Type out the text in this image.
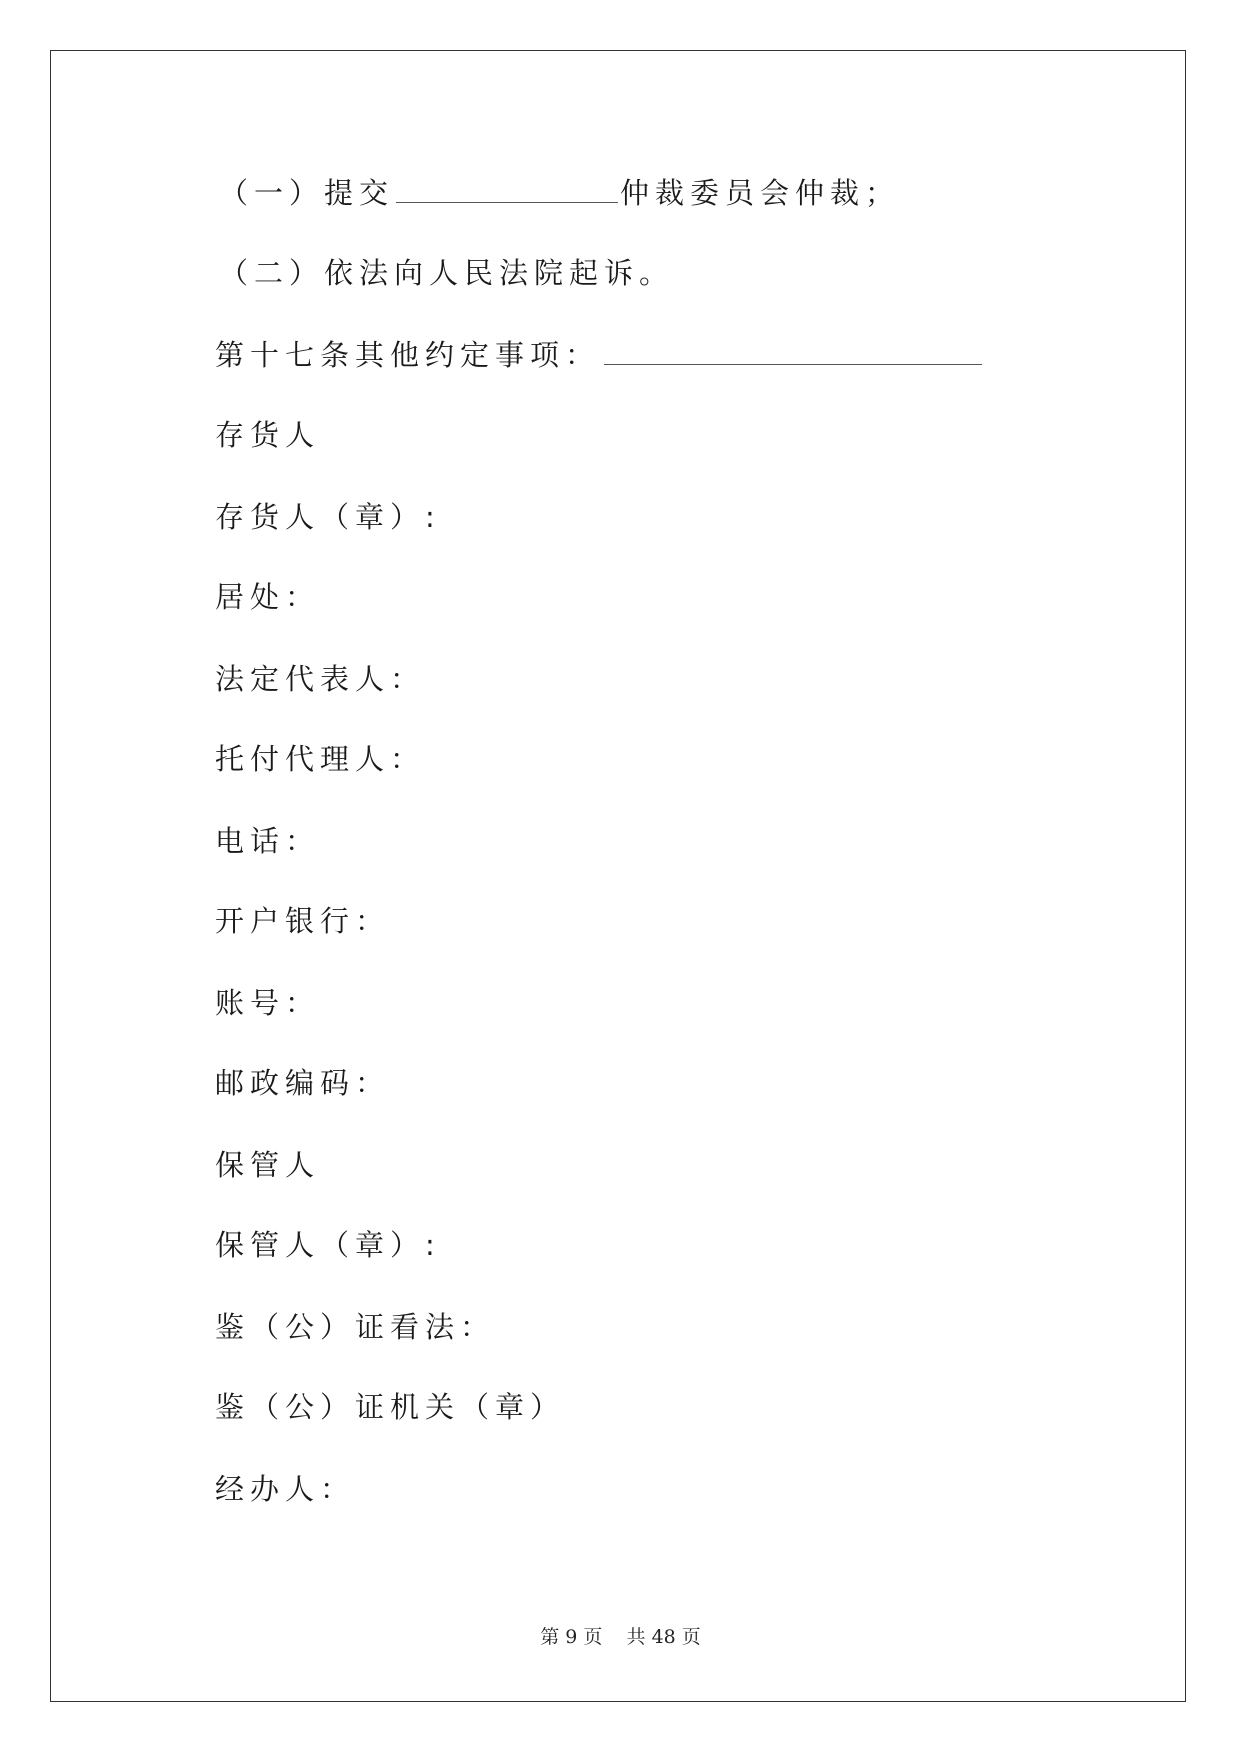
（一）提交	仲裁委员会仲裁；
（二）依法向人民法院起诉。
第十七条其他约定事项：
存货人
存货人（章）:
居处：
法定代表人：
托付代理人：
电话：
开户银行：
账号：
邮政编码：
保管人
保管人（章）:
鉴（公）证看法：
鉴（公）证机关（章）
经办人：
第 9 页    共 48 页
